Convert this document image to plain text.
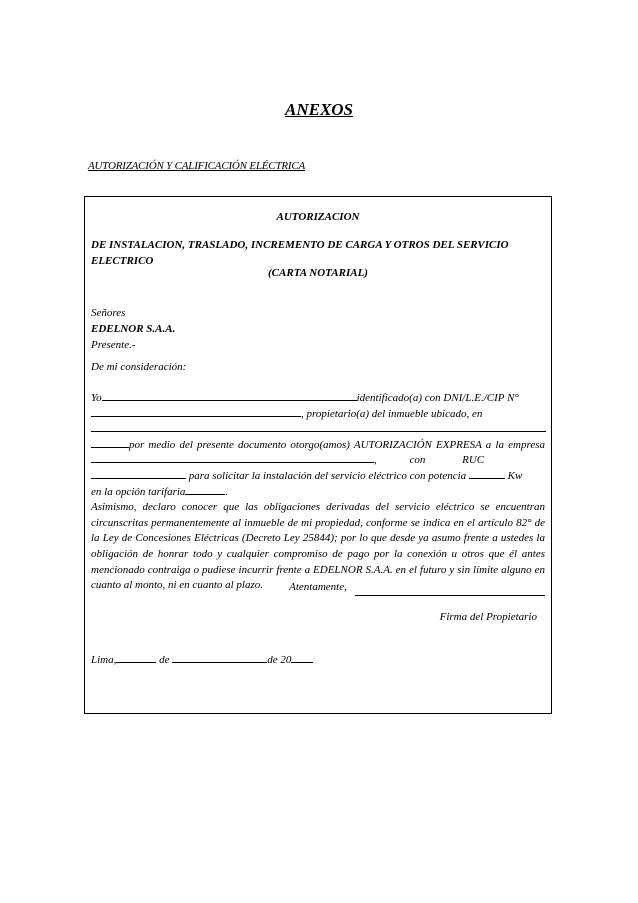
ANEXOS
AUTORIZACIÓN Y CALIFICACIÓN ELÉCTRICA
AUTORIZACION
DE INSTALACION, TRASLADO, INCREMENTO DE CARGA Y OTROS DEL SERVICIO ELECTRICO
(CARTA NOTARIAL)
Señores
EDELNOR S.A.A.
Presente.-
De mi consideración:

Yo	identificado(a) con DNI/L.E./CIP N°

, propietario(a) del inmueble ubicado, en

por medio del presente documento otorgo(amos) AUTORIZACIÓN EXPRESA a la empresa,	con	RUC

para solicitar la instalación del servicio eléctrico con potencia	Kw

en la opción tarifaria	.

Asimismo, declaro conocer que las obligaciones derivadas del servicio eléctrico se encuentran circunscritas permanentemente al inmueble de mi propiedad, conforme se indica en el artículo 82° de la Ley de Concesiones Eléctricas (Decreto Ley 25844); por lo que desde ya asumo frente a ustedes la obligación de honrar todo y cualquier compromiso de pago por la conexión u otros que él antes mencionado contraiga o pudiese incurrir frente a EDELNOR S.A.A. en el futuro y sin límite alguno en cuanto al monto, ni en cuanto al plazo.	Atentamente,
Firma del Propietario
Lima,	de	de 20
